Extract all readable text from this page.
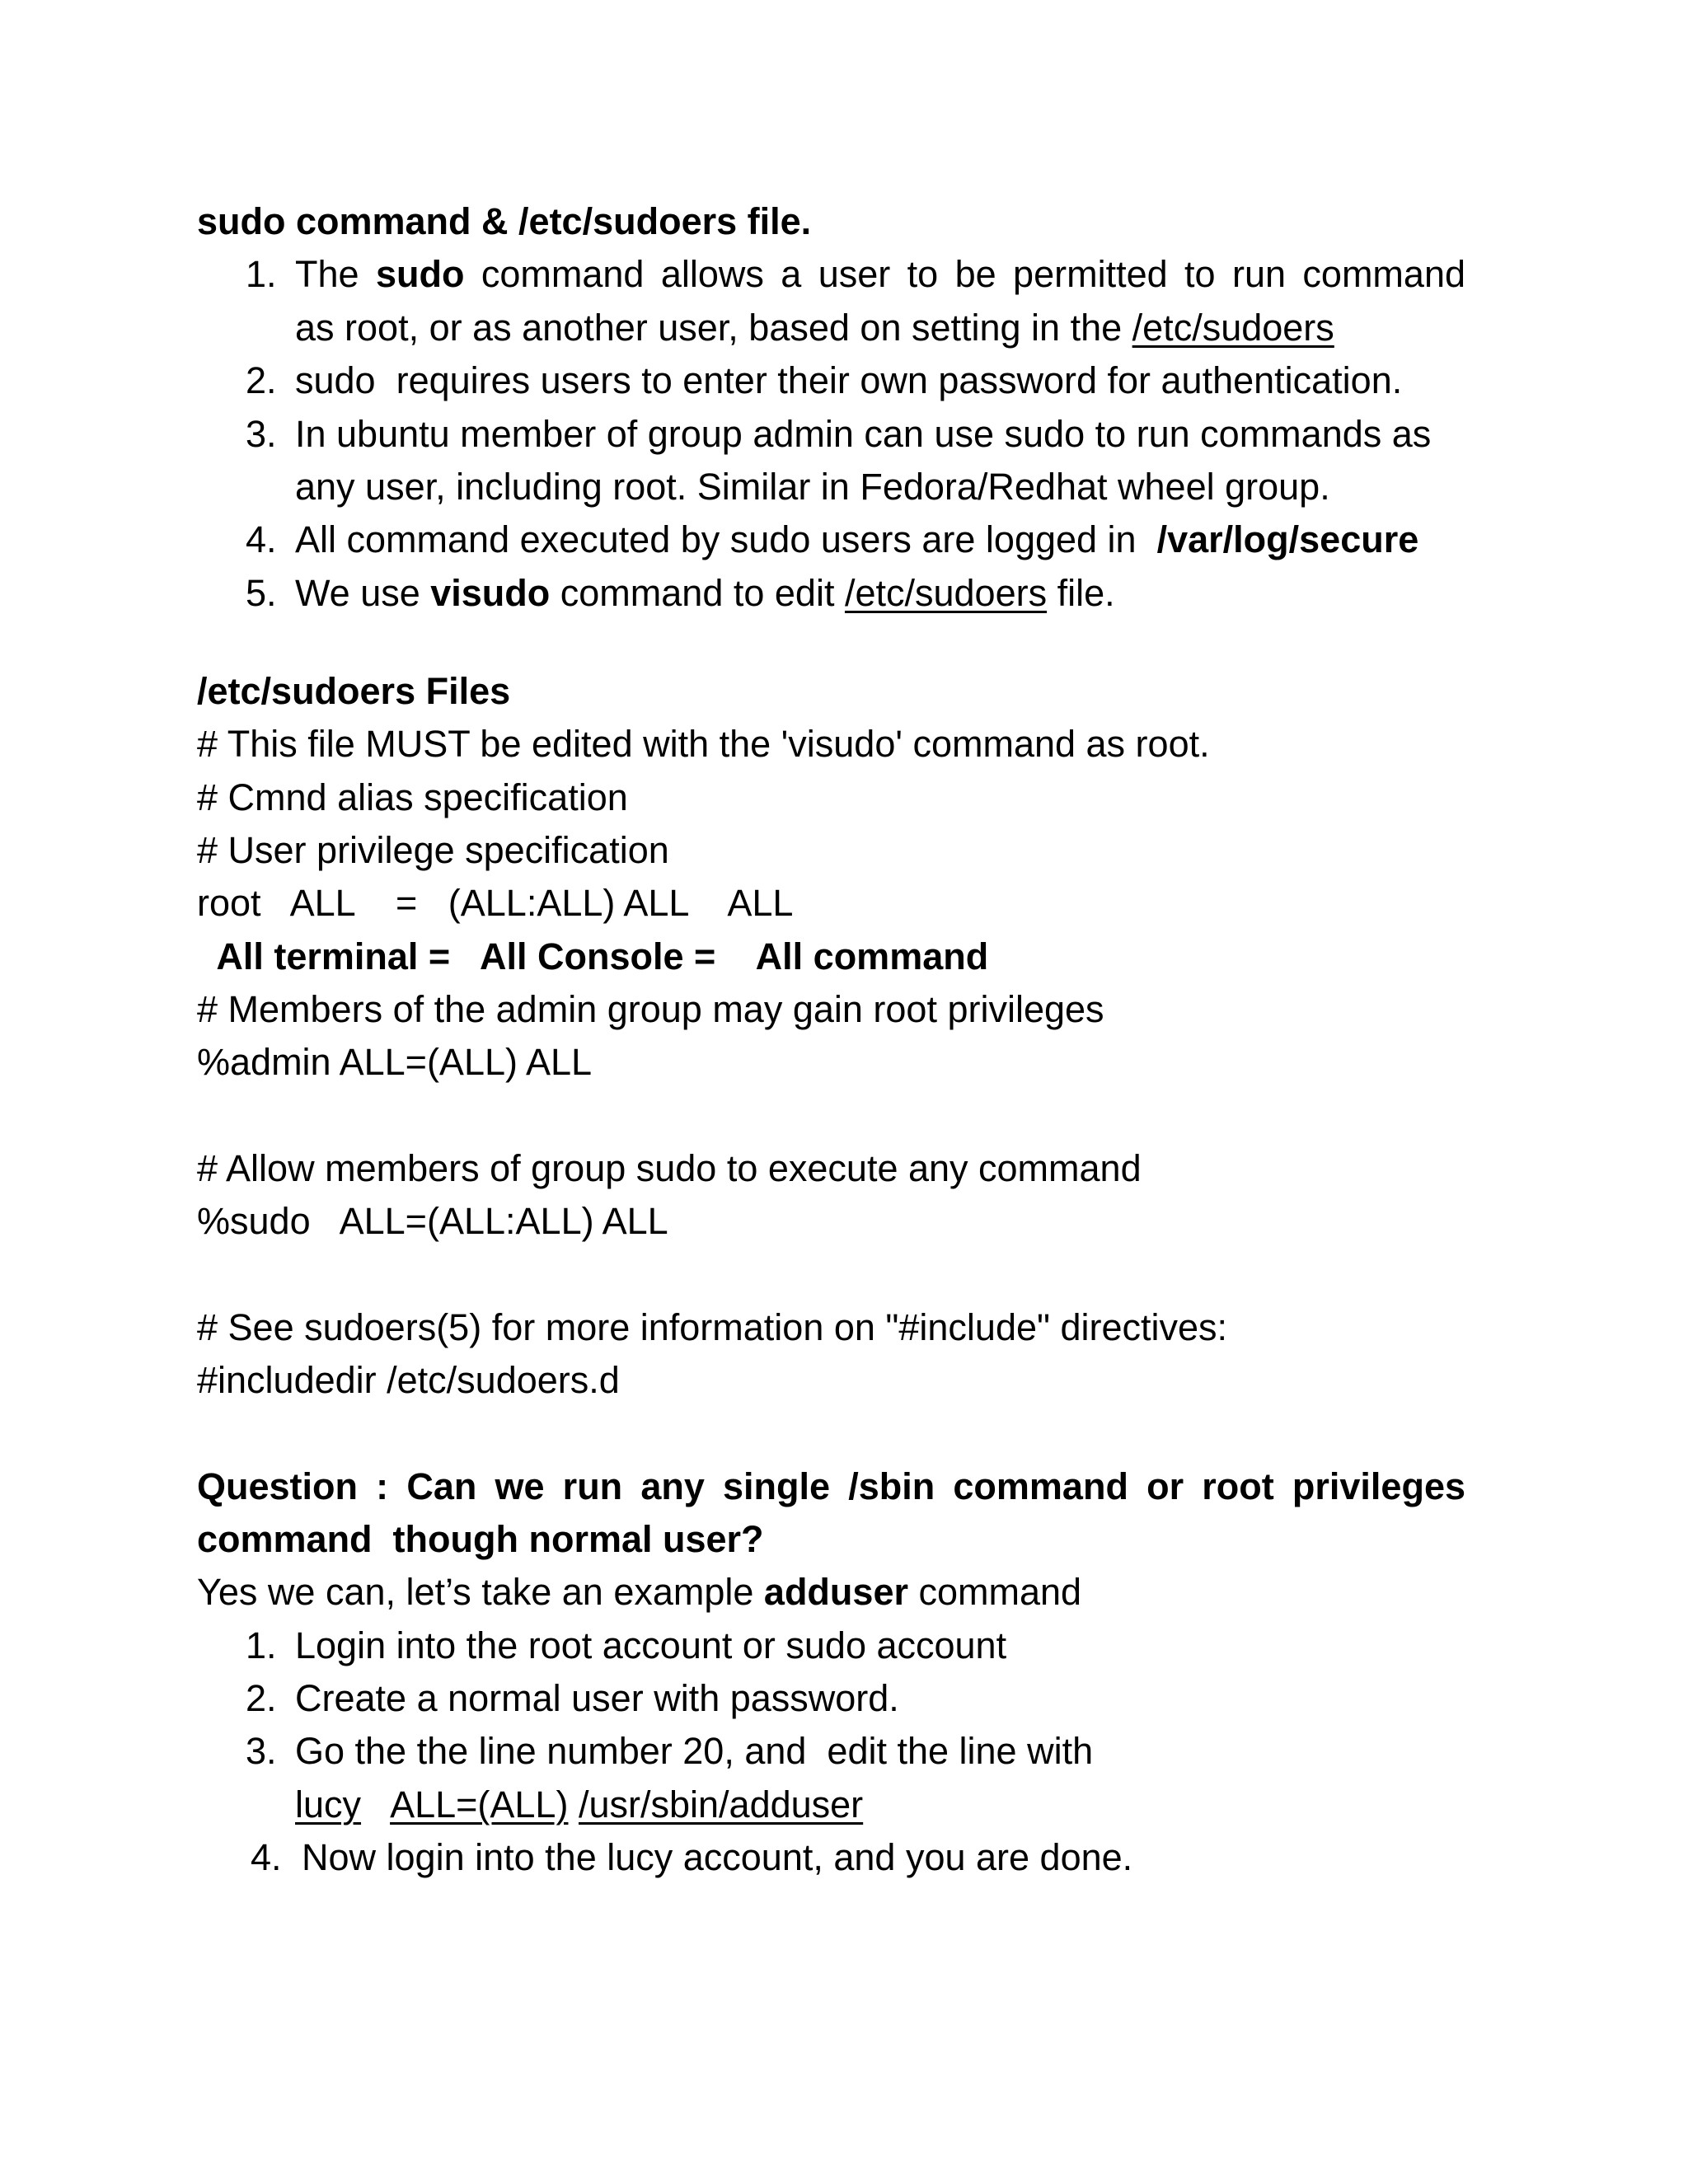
sudo command & /etc/sudoers file.
1. The sudo command allows a user to be permitted to run command
as root, or as another user, based on setting in the /etc/sudoers
2. sudo  requires users to enter their own password for authentication.
3. In ubuntu member of group admin can use sudo to run commands as
any user, including root. Similar in Fedora/Redhat wheel group.
4. All command executed by sudo users are logged in  /var/log/secure
5. We use visudo command to edit /etc/sudoers file.
/etc/sudoers Files
# This file MUST be edited with the 'visudo' command as root.
# Cmnd alias specification
# User privilege specification
root   ALL    =   (ALL:ALL) ALL    ALL
All terminal =   All Console =    All command
# Members of the admin group may gain root privileges
%admin ALL=(ALL) ALL
# Allow members of group sudo to execute any command
%sudo   ALL=(ALL:ALL) ALL
# See sudoers(5) for more information on "#include" directives:
#includedir /etc/sudoers.d
Question : Can we run any single /sbin command or root privileges
command  though normal user?
Yes we can, let’s take an example adduser command
1. Login into the root account or sudo account
2. Create a normal user with password.
3. Go the the line number 20, and  edit the line with
lucy ALL=(ALL) /usr/sbin/adduser
4. Now login into the lucy account, and you are done.
